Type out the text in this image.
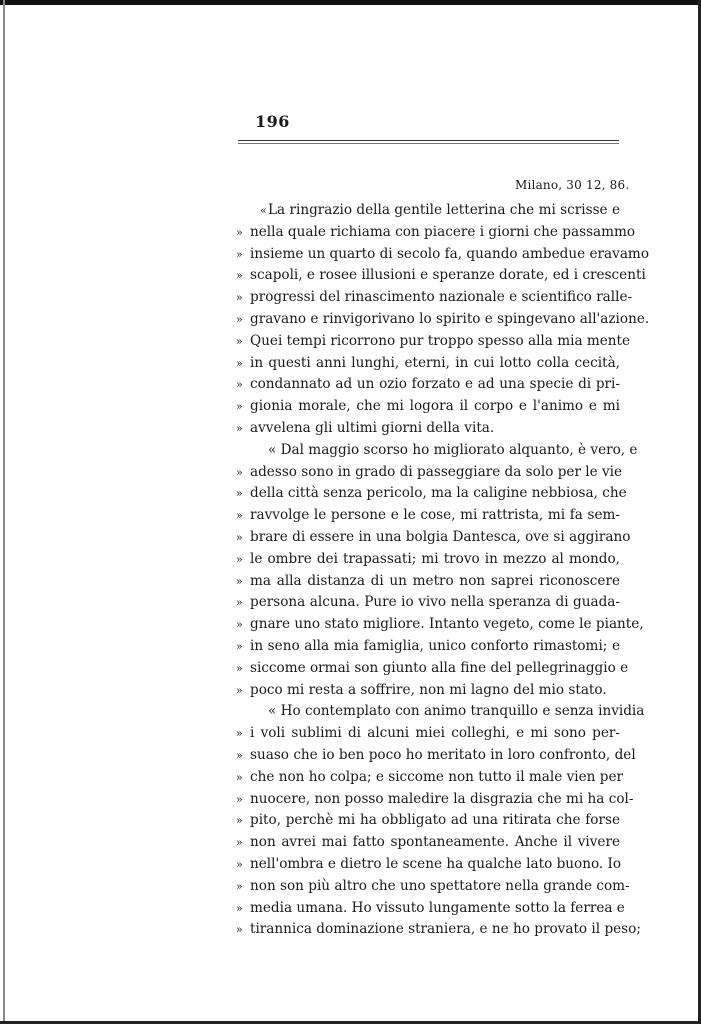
196
Milano, 30 12, 86.
« La ringrazio della gentile letterina che mi scrisse e
» nella quale richiama con piacere i giorni che passammo
» insieme un quarto di secolo fa, quando ambedue eravamo
» scapoli, e rosee illusioni e speranze dorate, ed i crescenti
» progressi del rinascimento nazionale e scientifico ralle-
» gravano e rinvigorivano lo spirito e spingevano all'azione.
» Quei tempi ricorrono pur troppo spesso alla mia mente
» in questi anni lunghi, eterni, in cui lotto colla cecità,
» condannato ad un ozio forzato e ad una specie di pri-
» gionia morale, che mi logora il corpo e l'animo e mi
» avvelena gli ultimi giorni della vita.
« Dal maggio scorso ho migliorato alquanto, è vero, e
» adesso sono in grado di passeggiare da solo per le vie
» della città senza pericolo, ma la caligine nebbiosa, che
» ravvolge le persone e le cose, mi rattrista, mi fa sem-
» brare di essere in una bolgia Dantesca, ove si aggirano
» le ombre dei trapassati; mi trovo in mezzo al mondo,
» ma alla distanza di un metro non saprei riconoscere
» persona alcuna. Pure io vivo nella speranza di guada-
» gnare uno stato migliore. Intanto vegeto, come le piante,
» in seno alla mia famiglia, unico conforto rimastomi; e
» siccome ormai son giunto alla fine del pellegrinaggio e
» poco mi resta a soffrire, non mi lagno del mio stato.
« Ho contemplato con animo tranquillo e senza invidia
» i voli sublimi di alcuni miei colleghi, e mi sono per-
» suaso che io ben poco ho meritato in loro confronto, del
» che non ho colpa; e siccome non tutto il male vien per
» nuocere, non posso maledire la disgrazia che mi ha col-
» pito, perchè mi ha obbligato ad una ritirata che forse
» non avrei mai fatto spontaneamente. Anche il vivere
» nell'ombra e dietro le scene ha qualche lato buono. Io
» non son più altro che uno spettatore nella grande com-
» media umana. Ho vissuto lungamente sotto la ferrea e
» tirannica dominazione straniera, e ne ho provato il peso;
